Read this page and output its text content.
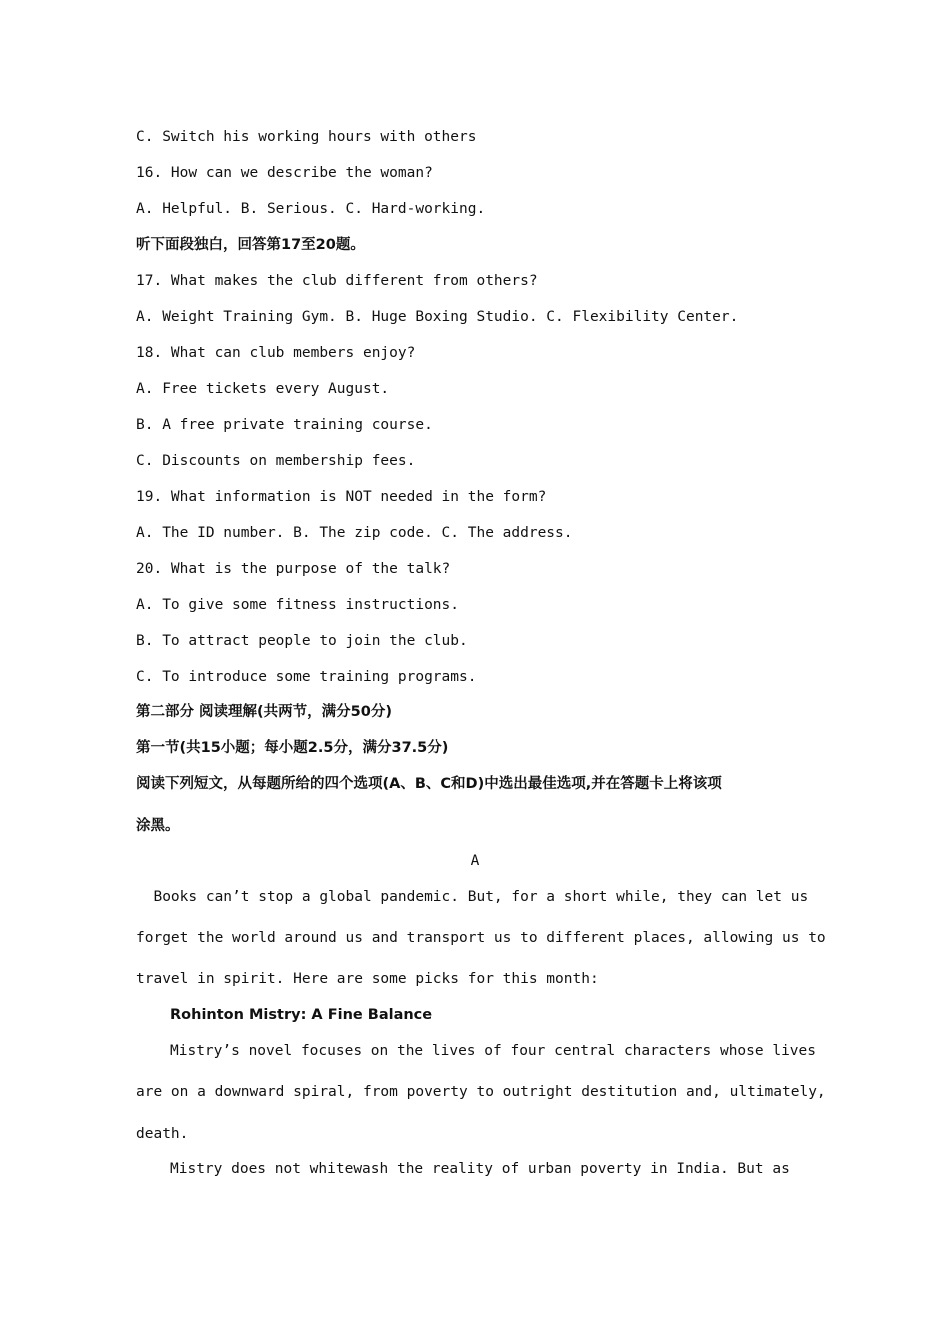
C. Switch his working hours with others
16. How can we describe the woman?
A. Helpful. B. Serious. C. Hard-working.
听下面段独白，回答第17至20题。
17. What makes the club different from others?
A. Weight Training Gym. B. Huge Boxing Studio. C. Flexibility Center.
18. What can club members enjoy?
A. Free tickets every August.
B. A free private training course.
C. Discounts on membership fees.
19. What information is NOT needed in the form?
A. The ID number. B. The zip code. C. The address.
20. What is the purpose of the talk?
A. To give some fitness instructions.
B. To attract people to join the club.
C. To introduce some training programs.
第二部分 阅读理解(共两节，满分50分)
第一节(共15小题；每小题2.5分，满分37.5分)
阅读下列短文，从每题所给的四个选项(A、B、C和D)中选出最佳选项,并在答题卡上将该项
涂黑。
A
Books can’t stop a global pandemic. But, for a short while, they can let us
forget the world around us and transport us to different places, allowing us to
travel in spirit. Here are some picks for this month:
Rohinton Mistry: A Fine Balance
Mistry’s novel focuses on the lives of four central characters whose lives
are on a downward spiral, from poverty to outright destitution and, ultimately,
death.
Mistry does not whitewash the reality of urban poverty in India. But as
